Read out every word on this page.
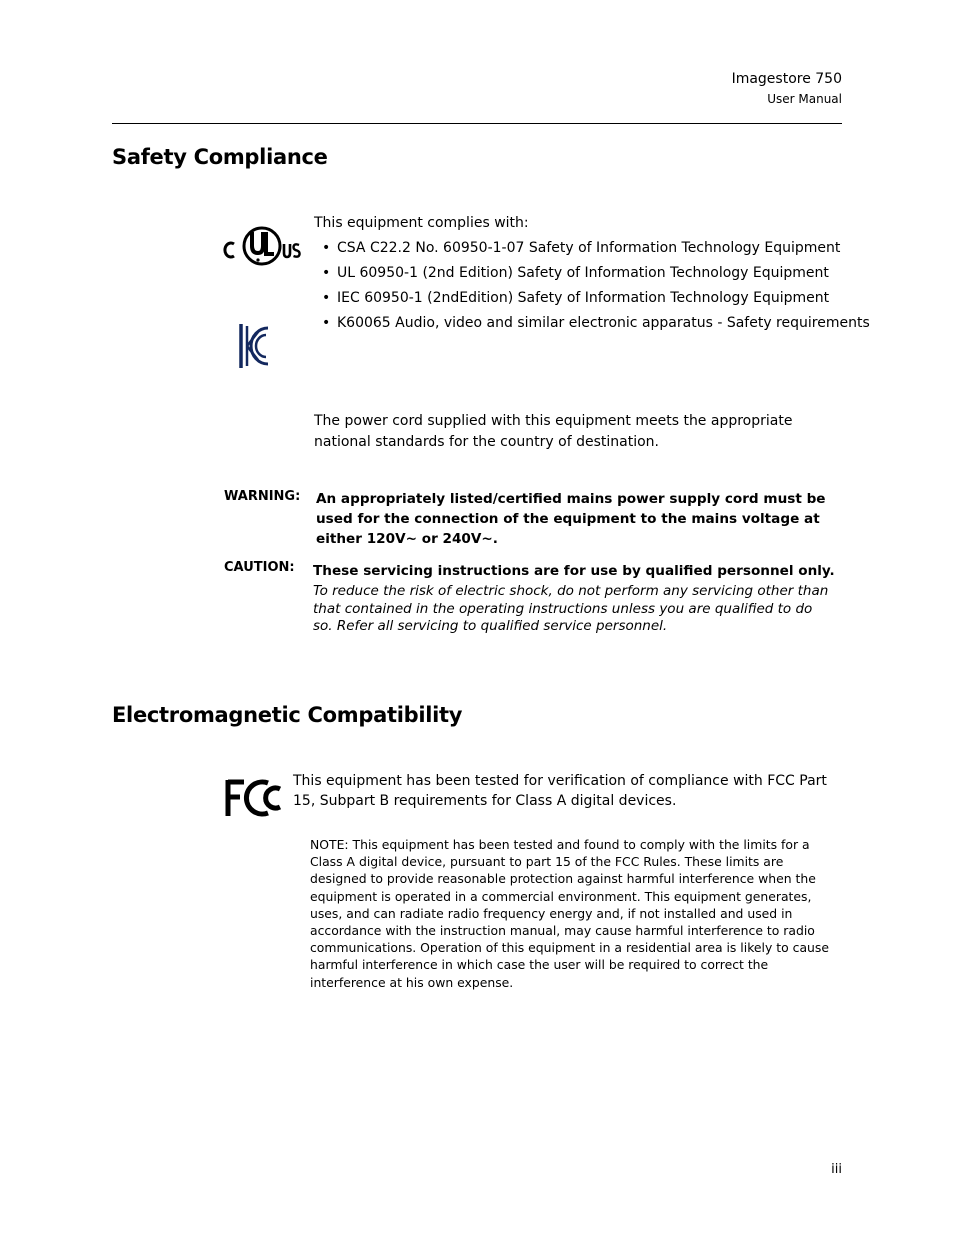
Imagestore 750
User Manual
Safety Compliance
This equipment complies with:
• CSA C22.2 No. 60950-1-07 Safety of Information Technology Equipment
• UL 60950-1 (2nd Edition) Safety of Information Technology Equipment
• IEC 60950-1 (2ndEdition) Safety of Information Technology Equipment
• K60065 Audio, video and similar electronic apparatus - Safety requirements
The power cord supplied with this equipment meets the appropriate national standards for the country of destination.
WARNING: An appropriately listed/certified mains power supply cord must be used for the connection of the equipment to the mains voltage at either 120V~ or 240V~.
CAUTION: These servicing instructions are for use by qualified personnel only.
To reduce the risk of electric shock, do not perform any servicing other than that contained in the operating instructions unless you are qualified to do so. Refer all servicing to qualified service personnel.
Electromagnetic Compatibility
This equipment has been tested for verification of compliance with FCC Part 15, Subpart B requirements for Class A digital devices.
NOTE: This equipment has been tested and found to comply with the limits for a Class A digital device, pursuant to part 15 of the FCC Rules. These limits are designed to provide reasonable protection against harmful interference when the equipment is operated in a commercial environment. This equipment generates, uses, and can radiate radio frequency energy and, if not installed and used in accordance with the instruction manual, may cause harmful interference to radio communications. Operation of this equipment in a residential area is likely to cause harmful interference in which case the user will be required to correct the interference at his own expense.
iii
